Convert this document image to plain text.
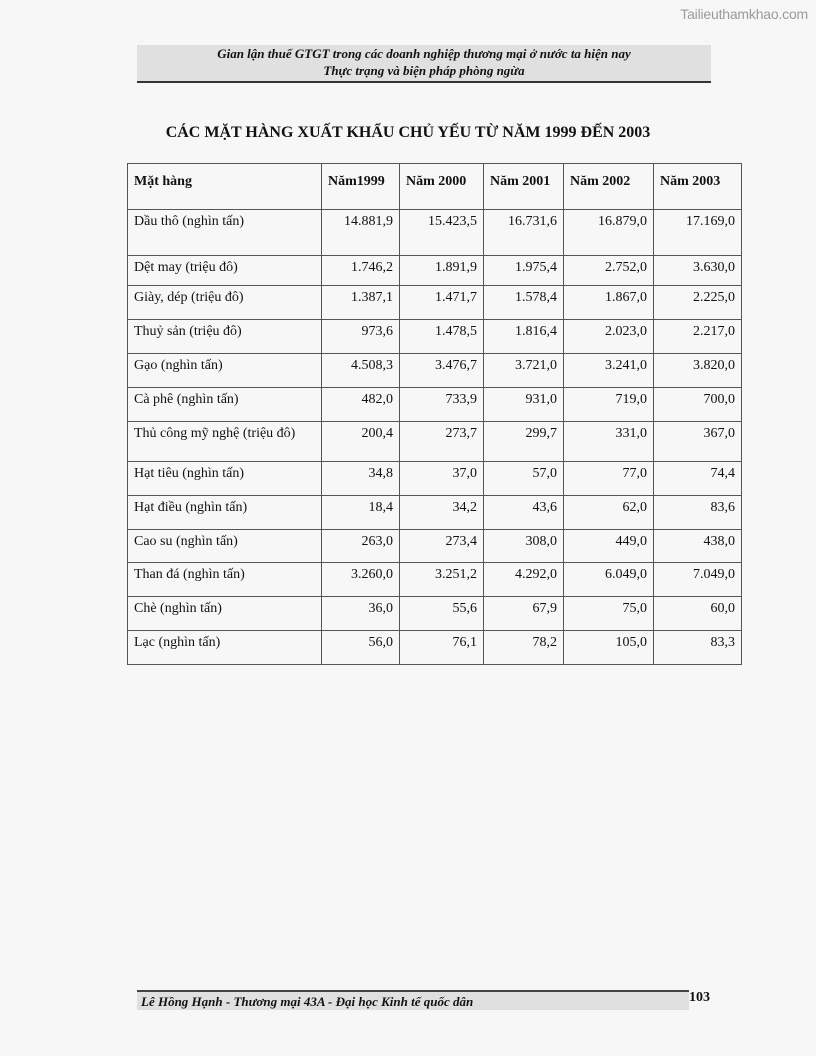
Tailieuthamkhao.com
Gian lận thuế GTGT trong các doanh nghiệp thương mại ở nước ta hiện nay
Thực trạng và biện pháp phòng ngừa
CÁC MẶT HÀNG XUẤT KHẨU CHỦ YẾU TỪ NĂM 1999 ĐẾN 2003
Mặt hàng	Năm1999	Năm 2000	Năm 2001	Năm 2002	Năm 2003
Dầu thô (nghìn tấn)	14.881,9	15.423,5	16.731,6	16.879,0	17.169,0
Dệt may (triệu đô)	1.746,2	1.891,9	1.975,4	2.752,0	3.630,0
Giày, dép (triệu đô)	1.387,1	1.471,7	1.578,4	1.867,0	2.225,0
Thuỷ sản (triệu đô)	973,6	1.478,5	1.816,4	2.023,0	2.217,0
Gạo (nghìn tấn)	4.508,3	3.476,7	3.721,0	3.241,0	3.820,0
Cà phê (nghìn tấn)	482,0	733,9	931,0	719,0	700,0
Thủ công mỹ nghệ (triệu đô)	200,4	273,7	299,7	331,0	367,0
Hạt tiêu (nghìn tấn)	34,8	37,0	57,0	77,0	74,4
Hạt điều (nghìn tấn)	18,4	34,2	43,6	62,0	83,6
Cao su (nghìn tấn)	263,0	273,4	308,0	449,0	438,0
Than đá (nghìn tấn)	3.260,0	3.251,2	4.292,0	6.049,0	7.049,0
Chè (nghìn tấn)	36,0	55,6	67,9	75,0	60,0
Lạc (nghìn tấn)	56,0	76,1	78,2	105,0	83,3
Lê Hồng Hạnh - Thương mại 43A - Đại học Kinh tế quốc dân	103
